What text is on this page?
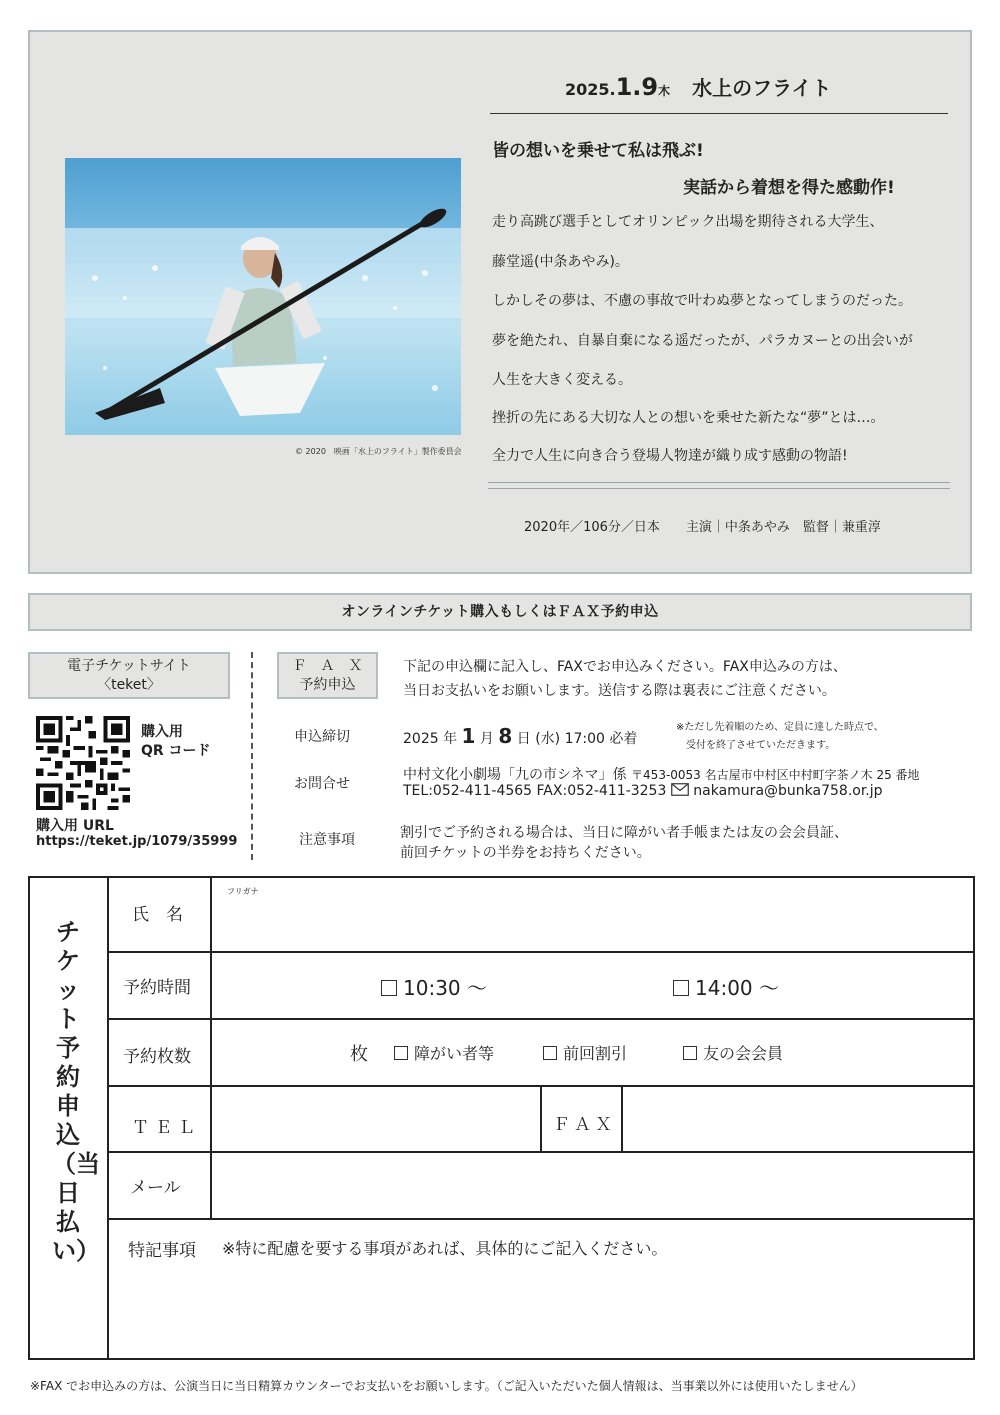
© 2020　映画「水上のフライト」製作委員会
2025.1.9木 水上のフライト
皆の想いを乗せて私は飛ぶ!
実話から着想を得た感動作!
走り高跳び選手としてオリンピック出場を期待される大学生、
藤堂遥(中条あやみ)。
しかしその夢は、不慮の事故で叶わぬ夢となってしまうのだった。
夢を絶たれ、自暴自棄になる遥だったが、パラカヌーとの出会いが
人生を大きく変える。
挫折の先にある大切な人との想いを乗せた新たな“夢”とは…。
全力で人生に向き合う登場人物達が織り成す感動の物語!
2020年／106分／日本　　主演｜中条あやみ　監督｜兼重淳
オンラインチケット購入もしくはＦＡＸ予約申込
電子チケットサイト
〈teket〉
購入用
QR コード
購入用 URL
https://teket.jp/1079/35999
Ｆ　Ａ　Ｘ
予約申込
下記の申込欄に記入し、FAXでお申込みください。FAX申込みの方は、
当日お支払いをお願いします。送信する際は裏表にご注意ください。
申込締切	2025 年 1 月 8 日 (水) 17:00 必着
※ただし先着順のため、定員に達した時点で、
受付を終了させていただきます。
お問合せ
中村文化小劇場「九の市シネマ」係 〒453-0053 名古屋市中村区中村町字茶ノ木 25 番地
TEL:052-411-4565 FAX:052-411-3253 nakamura@bunka758.or.jp
注意事項	割引でご予約される場合は、当日に障がい者手帳または友の会会員証、
前回チケットの半券をお持ちください。
チケット予約申込（当日払い）
氏　名
フリガナ
予約時間	10:30 ～	14:00 ～
予約枚数	枚	障がい者等	前回割引	友の会会員
ＴＥＬ	ＦＡＸ
メール
特記事項 ※特に配慮を要する事項があれば、具体的にご記入ください。
※FAX でお申込みの方は、公演当日に当日精算カウンターでお支払いをお願いします。（ご記入いただいた個人情報は、当事業以外には使用いたしません）
